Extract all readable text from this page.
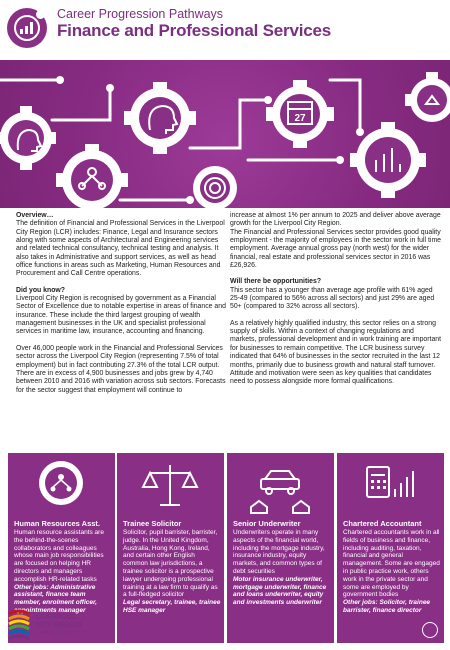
Career Progression Pathways
Finance and Professional Services
27

Overview…
The definition of Financial and Professional Services in the Liverpool City Region (LCR) includes: Finance, Legal and Insurance sectors along with some aspects of Architectural and Engineering services and related technical consultancy, technical testing and analysis. It also takes in Administrative and support services, as well as head office functions in areas such as Marketing, Human Resources and Procurement and Call Centre operations.

Did you know?
Liverpool City Region is recognised by government as a Financial Sector of Excellence due to notable expertise in areas of finance and insurance. These include the third largest grouping of wealth management businesses in the UK and specialist professional services in maritime law, insurance, accounting and financing.

Over 46,000 people work in the Financial and Professional Services sector across the Liverpool City Region (representing 7.5% of total employment) but in fact contributing 27.3% of the total LCR output. There are in excess of 4,900 businesses and jobs grew by 4,740 between 2010 and 2016 with variation across sub sectors. Forecasts for the sector suggest that employment will continue to

increase at almost 1% per annum to 2025 and deliver above average growth for the Liverpool City Region.

The Financial and Professional Services sector provides good quality employment - the majority of employees in the sector work in full time employment. Average annual gross pay (north west) for the wider financial, real estate and professional services sector in 2016 was £26,926.

Will there be opportunities?
This sector has a younger than average age profile with 61% aged 25-49 (compared to 56% across all sectors) and just 29% are aged 50+ (compared to 32% across all sectors).

As a relatively highly qualified industry, this sector relies on a strong supply of skills. Within a context of changing regulations and markets, professional development and in work training are important for businesses to remain competitive. The LCR business survey indicated that 64% of businesses in the sector recruited in the last 12 months, primarily due to business growth and natural staff turnover. Attitude and motivation were seen as key qualities that candidates need to possess alongside more formal qualifications.

Human Resources Asst.
Human resource assistants are the behind-the-scenes collaborators and colleagues whose main job responsibilities are focused on helping HR directors and managers accomplish HR-related tasks
Other jobs: Administrative assistant, finance team member, enrolment officer, appointments manager
Trainee Solicitor
Solicitor, pupil barrister, barrister, judge. In the United Kingdom, Australia, Hong Kong, Ireland, and certain other English common law jurisdictions, a trainee solicitor is a prospective lawyer undergoing professional training at a law firm to qualify as a full-fledged solicitor
Legal secretary, trainee, trainee HSE manager
Senior Underwriter
Underwriters operate in many aspects of the financial world, including the mortgage industry, insurance industry, equity markets, and common types of debt securities
Motor insurance underwriter, mortgage underwriter, finance and loans underwriter, equity and investments underwriter
Chartered Accountant
Chartered accountants work in all fields of business and finance, including auditing, taxation, financial and general management. Some are engaged in public practice work, others work in the private sector and some are employed by government bodies
Other jobs: Solicitor, trainee barrister, finance director
LIVERPOOL
CITY REGION
COMBINED AUTHORITY
